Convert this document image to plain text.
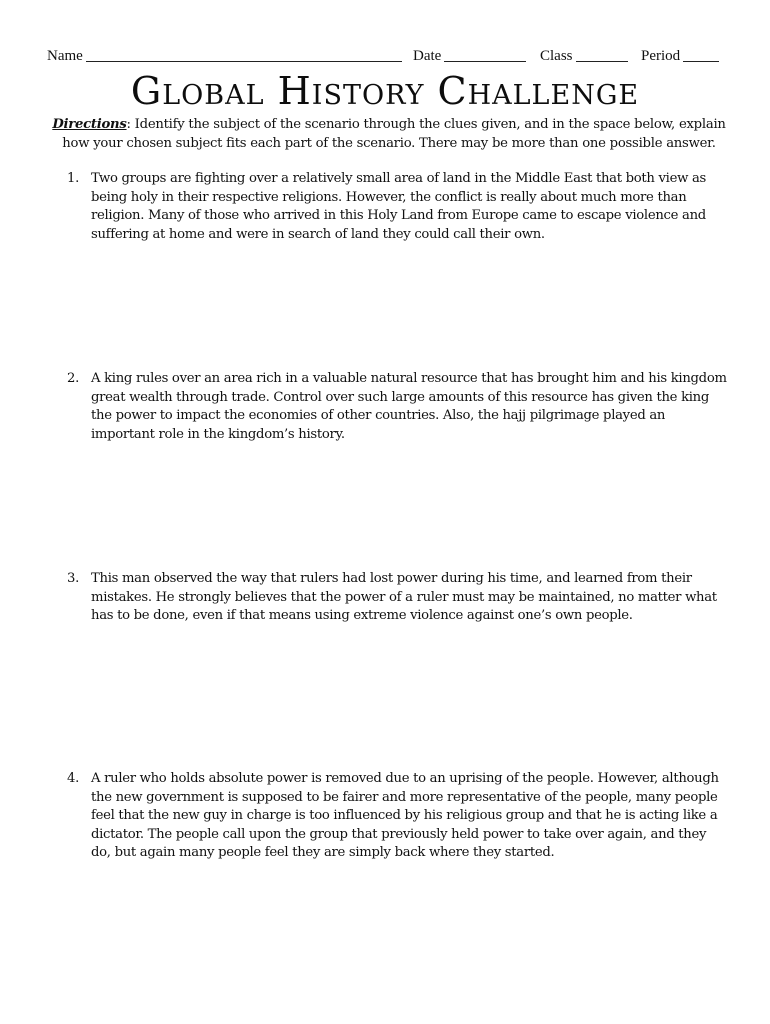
Name	Date	Class	Period
Global History Challenge
Directions: Identify the subject of the scenario through the clues given, and in the space below, explain how your chosen subject fits each part of the scenario. There may be more than one possible answer.
1. Two groups are fighting over a relatively small area of land in the Middle East that both view as being holy in their respective religions. However, the conflict is really about much more than religion. Many of those who arrived in this Holy Land from Europe came to escape violence and suffering at home and were in search of land they could call their own.
2. A king rules over an area rich in a valuable natural resource that has brought him and his kingdom great wealth through trade. Control over such large amounts of this resource has given the king the power to impact the economies of other countries. Also, the hajj pilgrimage played an important role in the kingdom’s history.
3. This man observed the way that rulers had lost power during his time, and learned from their mistakes. He strongly believes that the power of a ruler must may be maintained, no matter what has to be done, even if that means using extreme violence against one’s own people.
4. A ruler who holds absolute power is removed due to an uprising of the people. However, although the new government is supposed to be fairer and more representative of the people, many people feel that the new guy in charge is too influenced by his religious group and that he is acting like a dictator. The people call upon the group that previously held power to take over again, and they do, but again many people feel they are simply back where they started.
